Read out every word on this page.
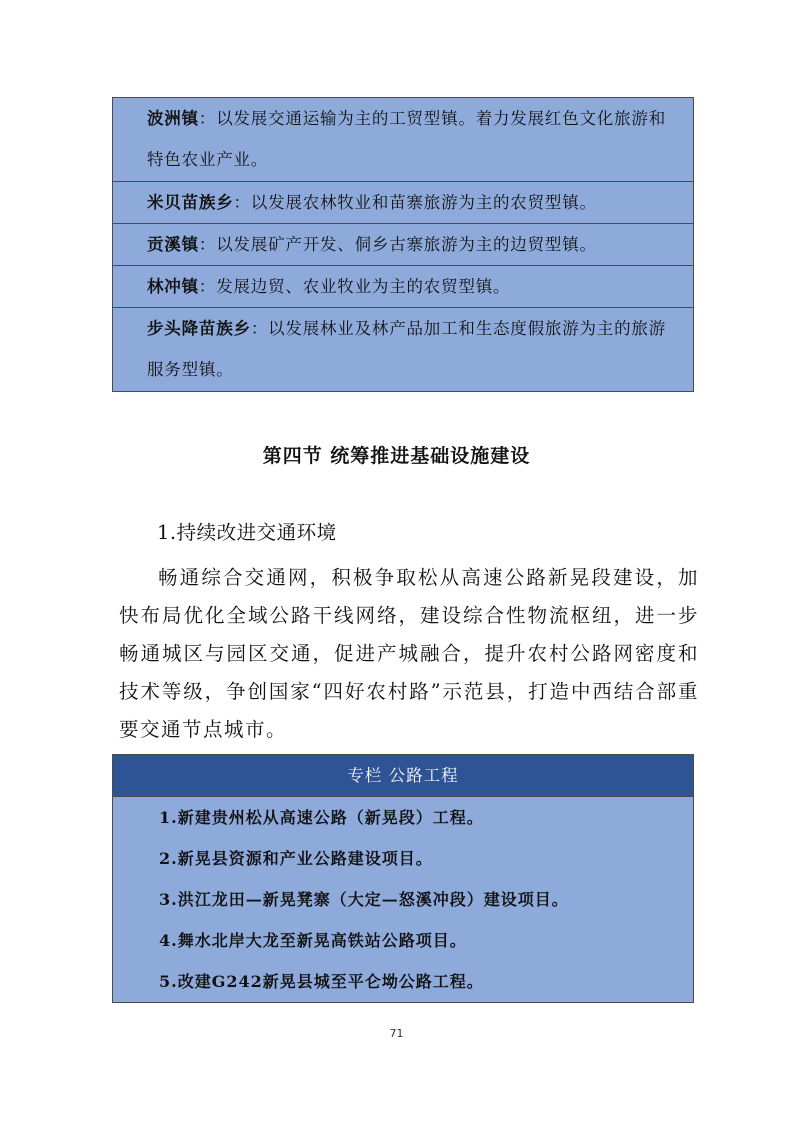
波洲镇：以发展交通运输为主的工贸型镇。着力发展红色文化旅游和特色农业产业。
米贝苗族乡：以发展农林牧业和苗寨旅游为主的农贸型镇。
贡溪镇：以发展矿产开发、侗乡古寨旅游为主的边贸型镇。
林冲镇：发展边贸、农业牧业为主的农贸型镇。
步头降苗族乡：以发展林业及林产品加工和生态度假旅游为主的旅游服务型镇。
第四节 统筹推进基础设施建设
1.持续改进交通环境

畅通综合交通网，积极争取松从高速公路新晃段建设，加快布局优化全域公路干线网络，建设综合性物流枢纽，进一步畅通城区与园区交通，促进产城融合，提升农村公路网密度和技术等级，争创国家“四好农村路”示范县，打造中西结合部重要交通节点城市。

专栏 公路工程
1.新建贵州松从高速公路（新晃段）工程。
2.新晃县资源和产业公路建设项目。
3.洪江龙田—新晃凳寨（大定—怒溪冲段）建设项目。
4.舞水北岸大龙至新晃高铁站公路项目。
5.改建G242新晃县城至平仑坳公路工程。
71
